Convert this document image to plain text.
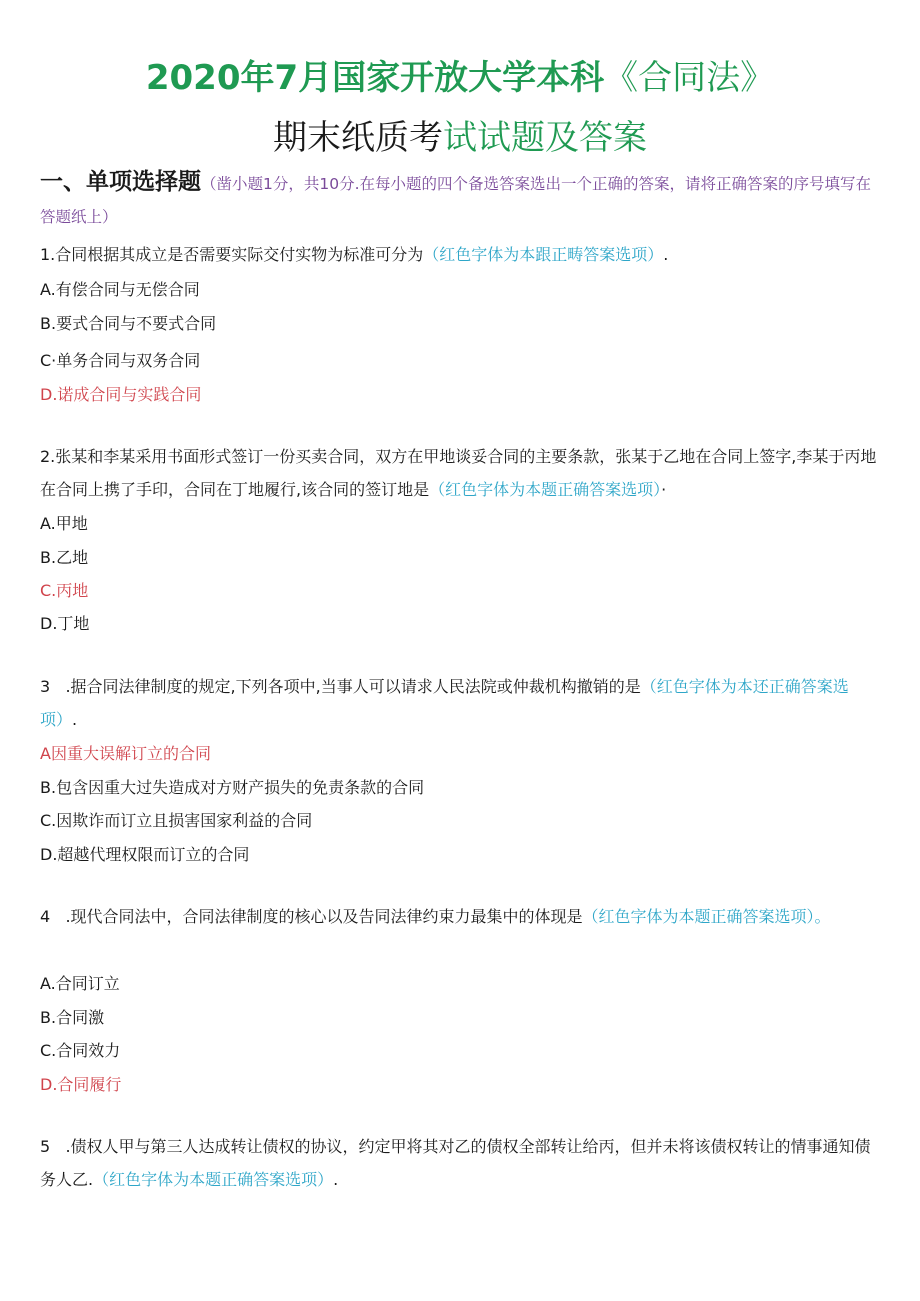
2020年7月国家开放大学本科《合同法》
期末纸质考试试题及答案
一、单项选择题（凿小题1分，共10分.在每小题的四个备选答案选出一个正确的答案，请将正确答案的序号填写在答题纸上）
1.合同根据其成立是否需要实际交付实物为标准可分为（红色字体为本跟正畴答案选项）.
A.有偿合同与无偿合同
B.要式合同与不要式合同
C·单务合同与双务合同
D.诺成合同与实践合同
2.张某和李某采用书面形式签订一份买卖合同，双方在甲地谈妥合同的主要条款，张某于乙地在合同上签字,李某于丙地在合同上携了手印，合同在丁地履行,该合同的签订地是（红色字体为本题正确答案选项）·
A.甲地
B.乙地
C.丙地
D.丁地
3   .据合同法律制度的规定,下列各项中,当事人可以请求人民法院或仲裁机构撤销的是（红色字体为本还正确答案选项）.
A因重大误解订立的合同
B.包含因重大过失造成对方财产损失的免责条款的合同
C.因欺诈而订立且损害国家利益的合同
D.超越代理权限而订立的合同
4   .现代合同法中，合同法律制度的核心以及告同法律约束力最集中的体现是（红色字体为本题正确答案选项）。
A.合同订立
B.合同激
C.合同效力
D.合同履行
5   .债权人甲与第三人达成转让债权的协议，约定甲将其对乙的债权全部转让给丙，但并未将该债权转让的情事通知债务人乙.（红色字体为本题正确答案选项）.
